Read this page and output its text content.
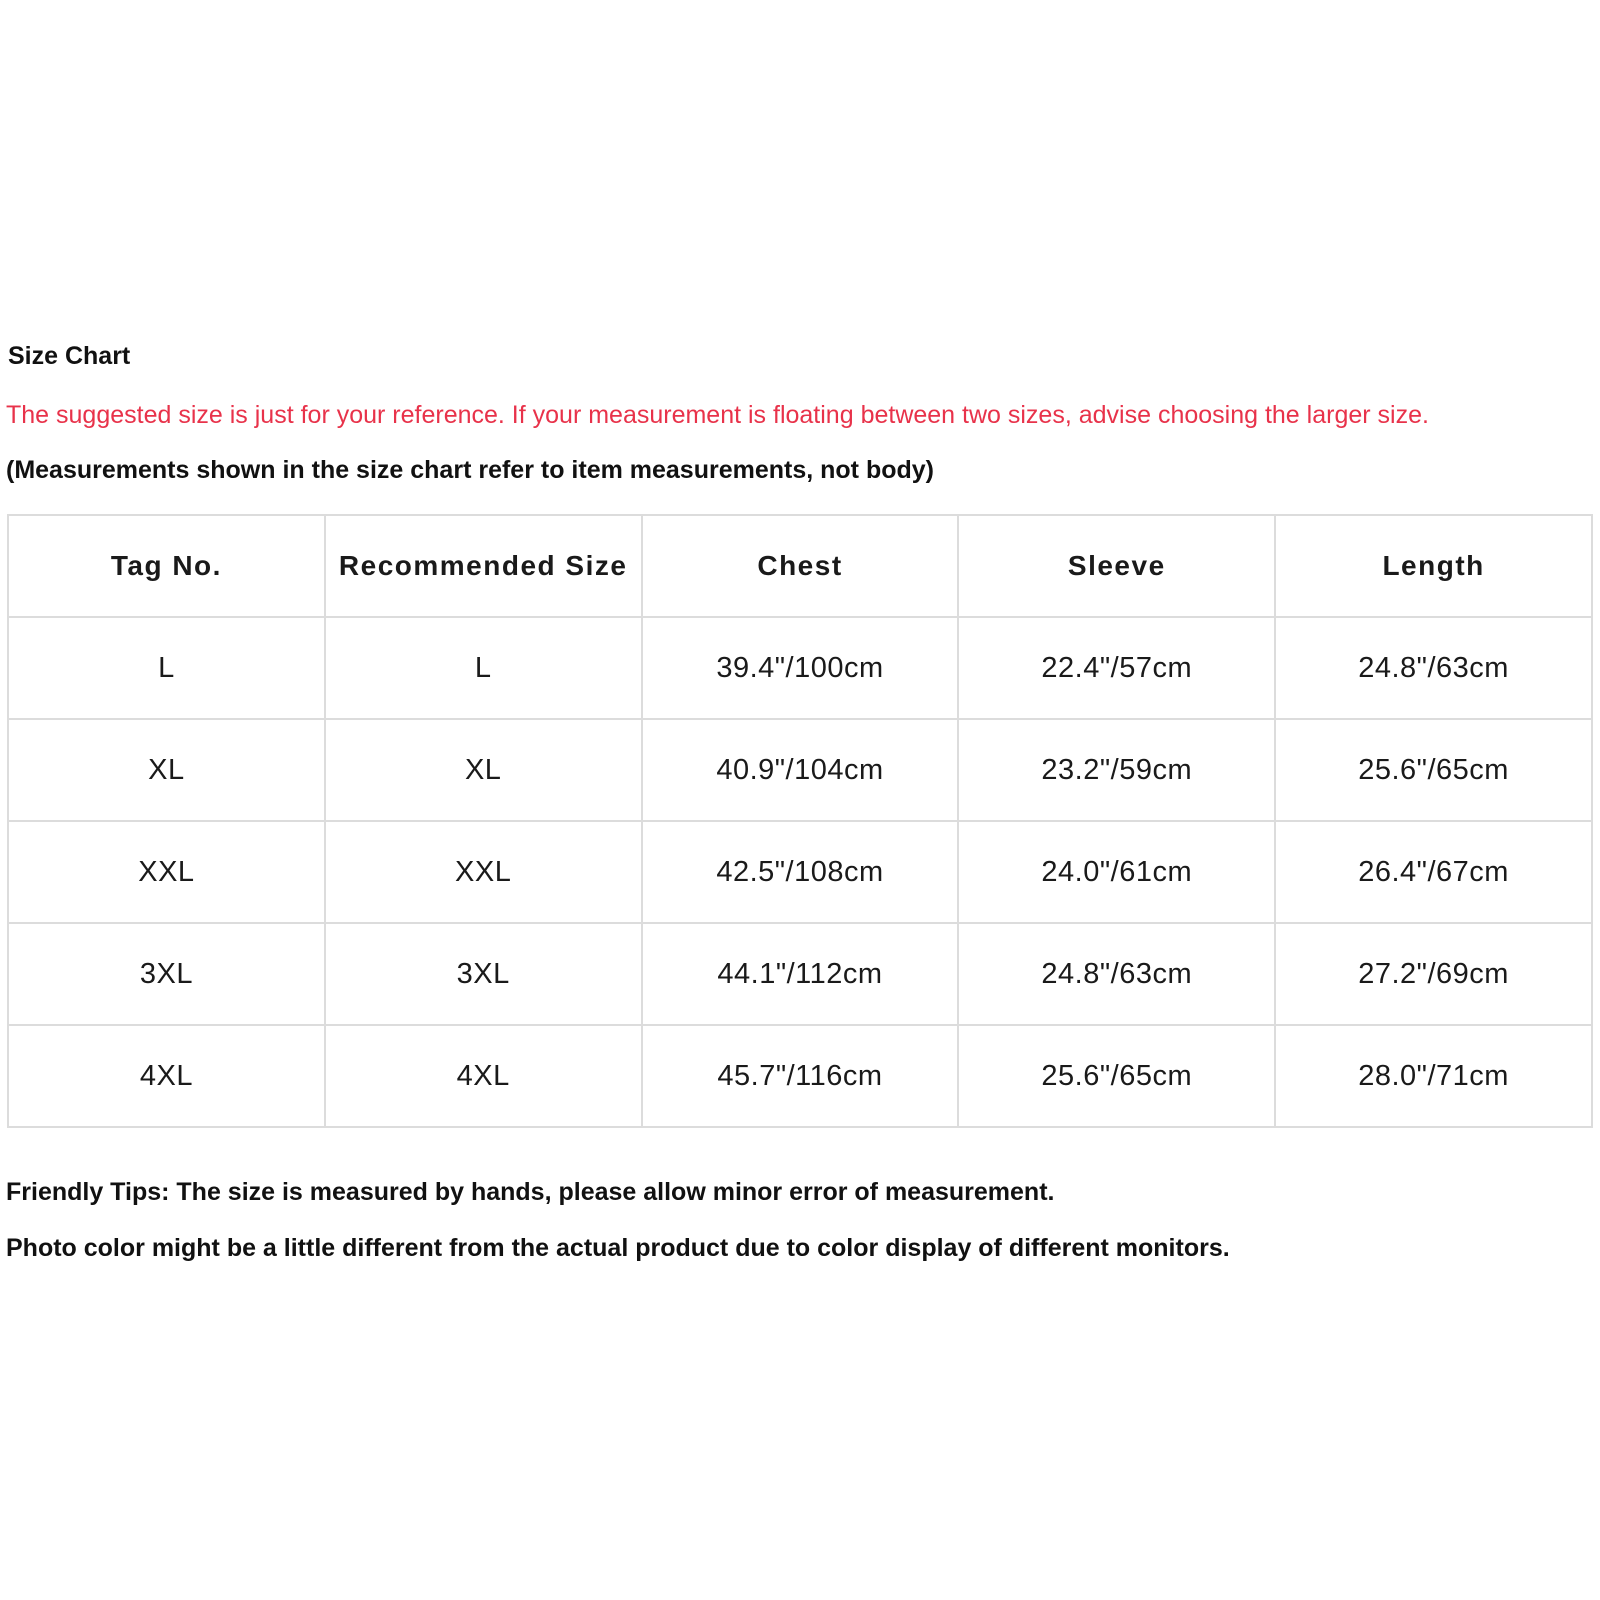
Size Chart
The suggested size is just for your reference. If your measurement is floating between two sizes, advise choosing the larger size.
(Measurements shown in the size chart refer to item measurements, not body)
Tag No.	Recommended Size	Chest	Sleeve	Length
L	L	39.4"/100cm	22.4"/57cm	24.8"/63cm
XL	XL	40.9"/104cm	23.2"/59cm	25.6"/65cm
XXL	XXL	42.5"/108cm	24.0"/61cm	26.4"/67cm
3XL	3XL	44.1"/112cm	24.8"/63cm	27.2"/69cm
4XL	4XL	45.7"/116cm	25.6"/65cm	28.0"/71cm
Friendly Tips: The size is measured by hands, please allow minor error of measurement.
Photo color might be a little different from the actual product due to color display of different monitors.
